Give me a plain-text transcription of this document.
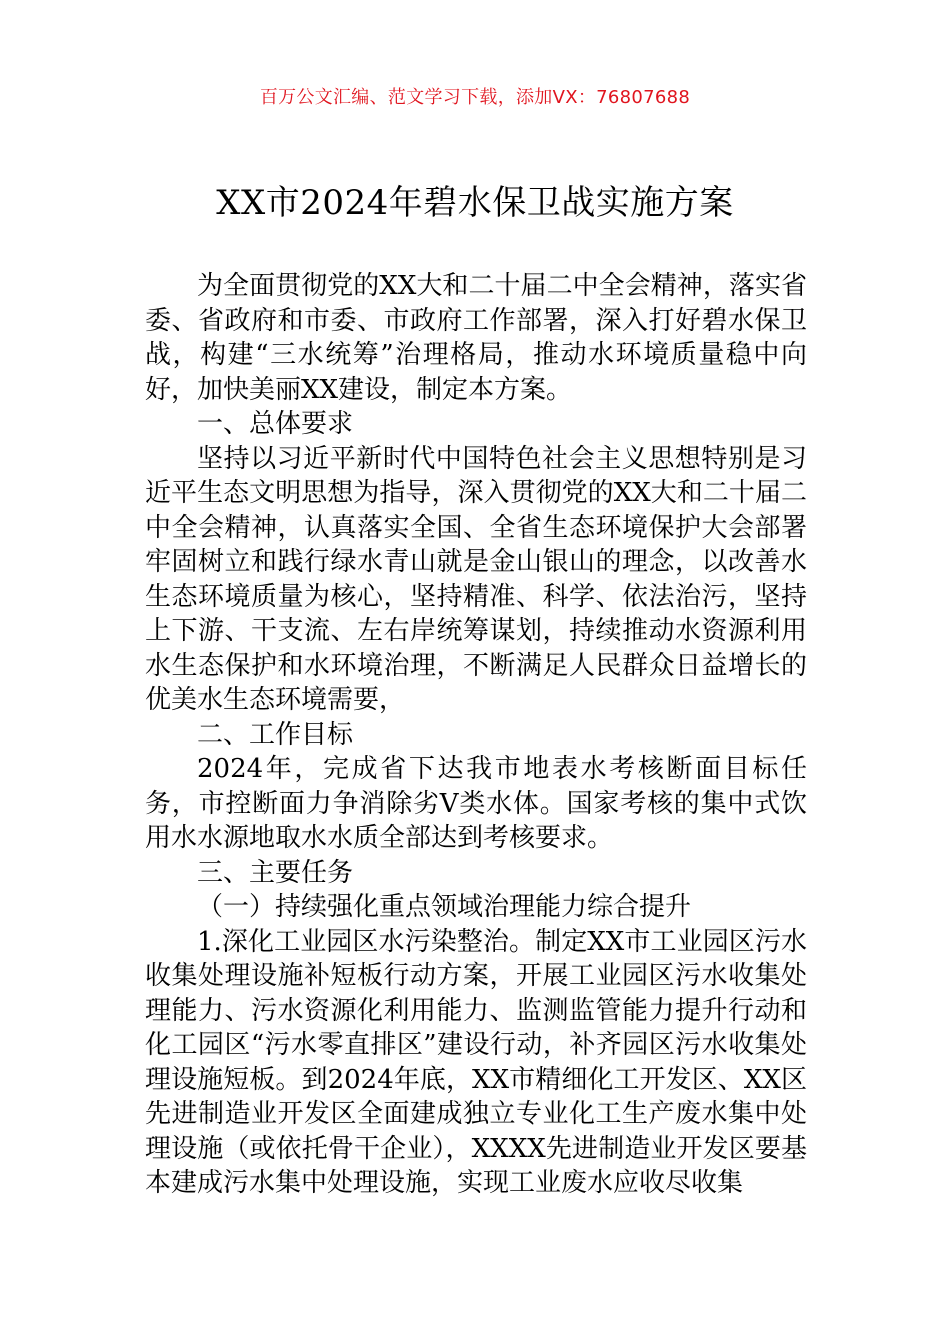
百万公文汇编、范文学习下载，添加VX：76807688
XX市2024年碧水保卫战实施方案

为全面贯彻党的XX大和二十届二中全会精神，落实省委、省政府和市委、市政府工作部署，深入打好碧水保卫战，构建“三水统筹”治理格局，推动水环境质量稳中向好，加快美丽XX建设，制定本方案。

一、总体要求

坚持以习近平新时代中国特色社会主义思想特别是习近平生态文明思想为指导，深入贯彻党的XX大和二十届二中全会精神，认真落实全国、全省生态环境保护大会部署牢固树立和践行绿水青山就是金山银山的理念，以改善水生态环境质量为核心，坚持精准、科学、依法治污，坚持上下游、干支流、左右岸统筹谋划，持续推动水资源利用水生态保护和水环境治理，不断满足人民群众日益增长的优美水生态环境需要，

二、工作目标

2024年，完成省下达我市地表水考核断面目标任务，市控断面力争消除劣V类水体。国家考核的集中式饮用水水源地取水水质全部达到考核要求。

三、主要任务

（一）持续强化重点领域治理能力综合提升

1.深化工业园区水污染整治。制定XX市工业园区污水收集处理设施补短板行动方案，开展工业园区污水收集处理能力、污水资源化利用能力、监测监管能力提升行动和化工园区“污水零直排区”建设行动，补齐园区污水收集处理设施短板。到2024年底，XX市精细化工开发区、XX区先进制造业开发区全面建成独立专业化工生产废水集中处理设施（或依托骨干企业），XXXX先进制造业开发区要基本建成污水集中处理设施，实现工业废水应收尽收集
